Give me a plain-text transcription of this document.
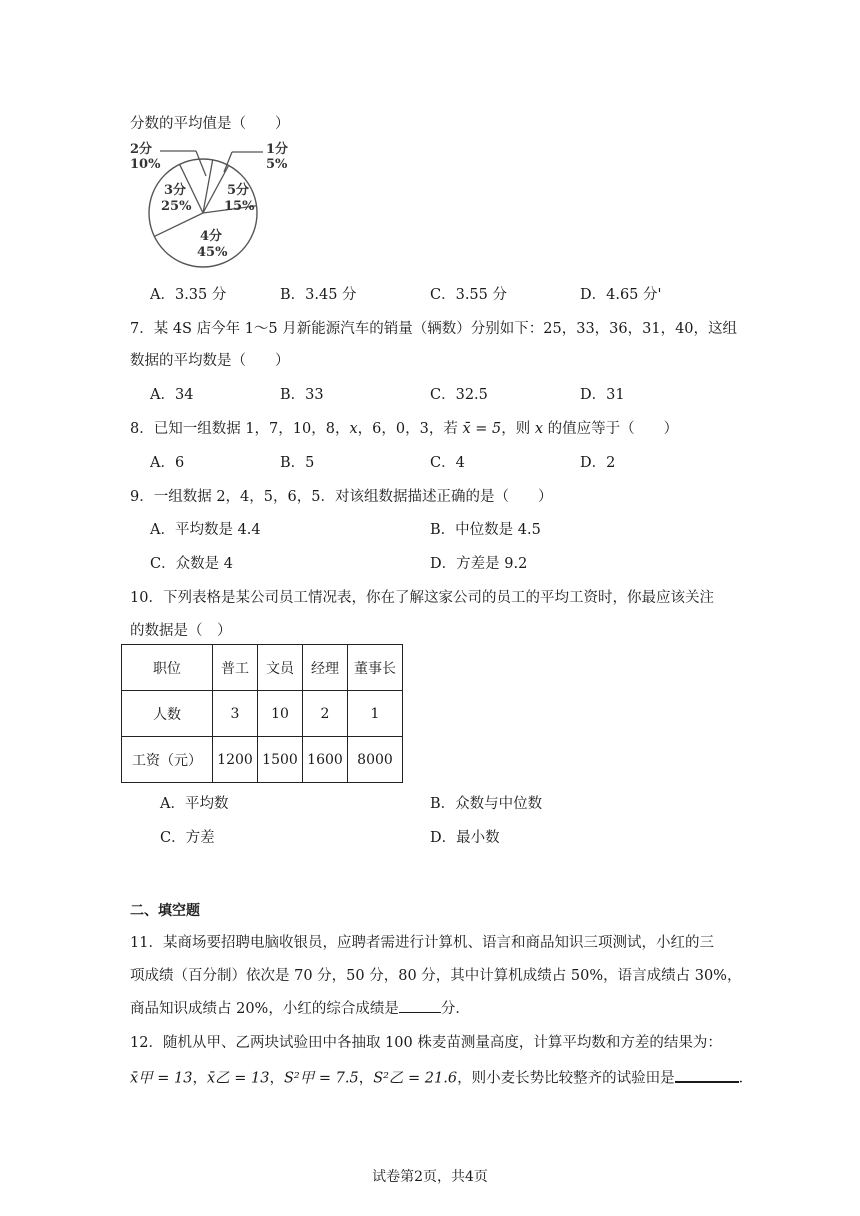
分数的平均值是（　　）
2分
10%
1分
5%
5分
15%
3分
25%
4分
45%
A．3.35 分	B．3.45 分	C．3.55 分	D．4.65 分'
7．某 4S 店今年 1～5 月新能源汽车的销量（辆数）分别如下：25，33，36，31，40，这组
数据的平均数是（　　）
A．34	B．33	C．32.5	D．31
8．已知一组数据 1，7，10，8，x，6，0，3，若 x̄ = 5，则 x 的值应等于（　　）
A．6	B．5	C．4	D．2
9．一组数据 2，4，5，6，5．对该组数据描述正确的是（　　）
A．平均数是 4.4	B．中位数是 4.5
C．众数是 4	D．方差是 9.2
10．下列表格是某公司员工情况表，你在了解这家公司的员工的平均工资时，你最应该关注
的数据是（　）
职位	普工	文员	经理	董事长
人数	3	10	2	1
工资（元）	1200	1500	1600	8000
A．平均数	B．众数与中位数
C．方差	D．最小数
二、填空题
11．某商场要招聘电脑收银员，应聘者需进行计算机、语言和商品知识三项测试，小红的三
项成绩（百分制）依次是 70 分，50 分，80 分，其中计算机成绩占 50%，语言成绩占 30%，
商品知识成绩占 20%，小红的综合成绩是	分．
12．随机从甲、乙两块试验田中各抽取 100 株麦苗测量高度，计算平均数和方差的结果为：
x̄甲 = 13，x̄乙 = 13，S²甲 = 7.5，S²乙 = 21.6，则小麦长势比较整齐的试验田是	．
试卷第2页，共4页
